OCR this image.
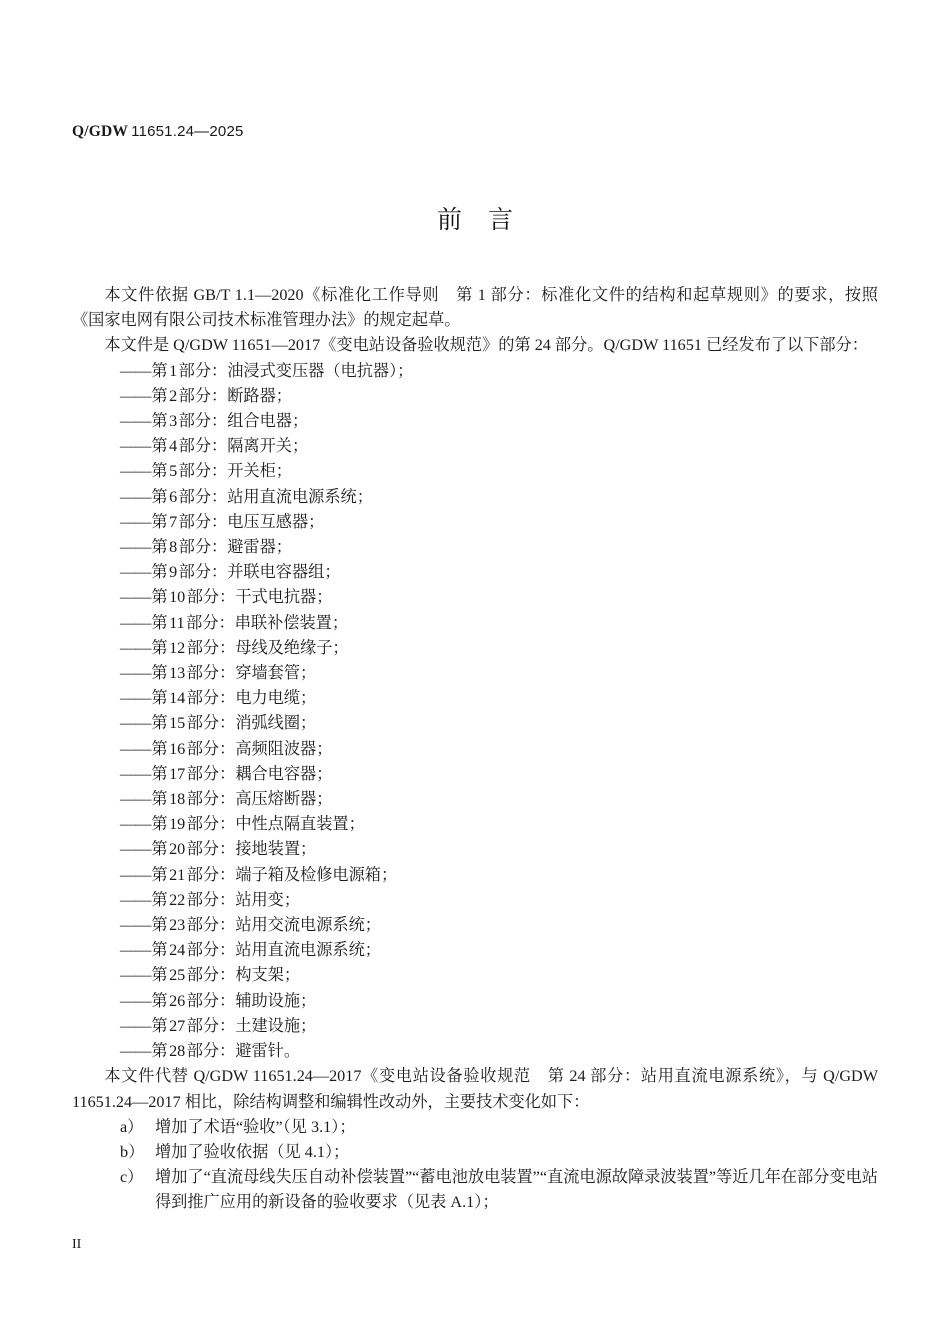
Q/GDW 11651.24—2025
前 言

本文件依据 GB/T 1.1—2020《标准化工作导则　第 1 部分：标准化文件的结构和起草规则》的要求，按照《国家电网有限公司技术标准管理办法》的规定起草。

本文件是 Q/GDW 11651—2017《变电站设备验收规范》的第 24 部分。Q/GDW 11651 已经发布了以下部分：

——第1部分：油浸式变压器（电抗器）；
——第2部分：断路器；
——第3部分：组合电器；
——第4部分：隔离开关；
——第5部分：开关柜；
——第6部分：站用直流电源系统；
——第7部分：电压互感器；
——第8部分：避雷器；
——第9部分：并联电容器组；
——第10部分：干式电抗器；
——第11部分：串联补偿装置；
——第12部分：母线及绝缘子；
——第13部分：穿墙套管；
——第14部分：电力电缆；
——第15部分：消弧线圈；
——第16部分：高频阻波器；
——第17部分：耦合电容器；
——第18部分：高压熔断器；
——第19部分：中性点隔直装置；
——第20部分：接地装置；
——第21部分：端子箱及检修电源箱；
——第22部分：站用变；
——第23部分：站用交流电源系统；
——第24部分：站用直流电源系统；
——第25部分：构支架；
——第26部分：辅助设施；
——第27部分：土建设施；
——第28部分：避雷针。

本文件代替 Q/GDW 11651.24—2017《变电站设备验收规范　第 24 部分：站用直流电源系统》，与 Q/GDW 11651.24—2017 相比，除结构调整和编辑性改动外，主要技术变化如下：

a） 增加了术语“验收”（见 3.1）；
b） 增加了验收依据（见 4.1）；
c） 增加了“直流母线失压自动补偿装置”“蓄电池放电装置”“直流电源故障录波装置”等近几年在部分变电站得到推广应用的新设备的验收要求（见表 A.1）；
II
